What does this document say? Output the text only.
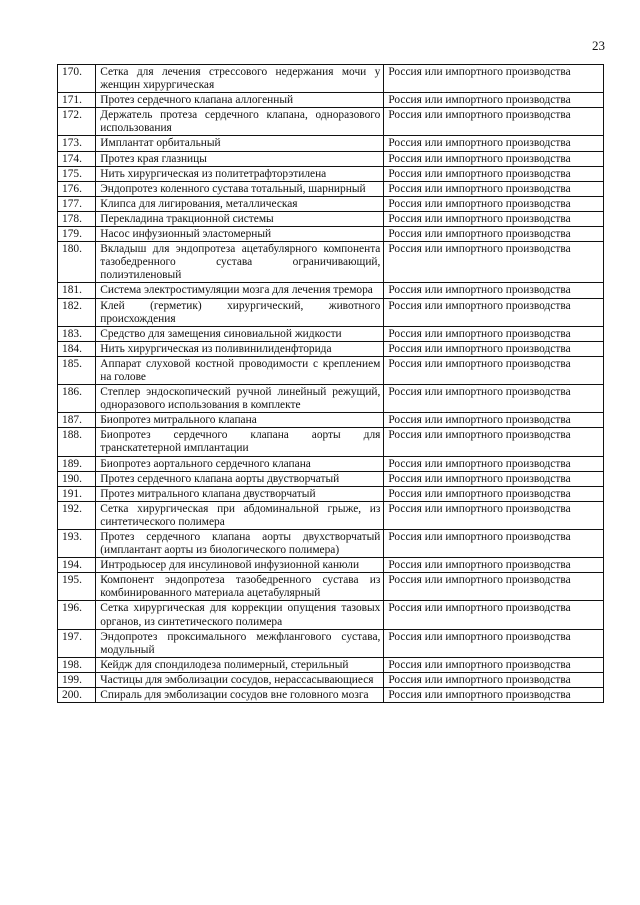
23
170.	Сетка для лечения стрессового недержания мочи у женщин хирургическая	Россия или импортного производства
171.	Протез сердечного клапана аллогенный	Россия или импортного производства
172.	Держатель протеза сердечного клапана, одноразового использования	Россия или импортного производства
173.	Имплантат орбитальный	Россия или импортного производства
174.	Протез края глазницы	Россия или импортного производства
175.	Нить хирургическая из политетрафторэтилена	Россия или импортного производства
176.	Эндопротез коленного сустава тотальный, шарнирный	Россия или импортного производства
177.	Клипса для лигирования, металлическая	Россия или импортного производства
178.	Перекладина тракционной системы	Россия или импортного производства
179.	Насос инфузионный эластомерный	Россия или импортного производства
180.	Вкладыш для эндопротеза ацетабулярного компонента тазобедренного сустава ограничивающий, полиэтиленовый	Россия или импортного производства
181.	Система электростимуляции мозга для лечения тремора	Россия или импортного производства
182.	Клей (герметик) хирургический, животного происхождения	Россия или импортного производства
183.	Средство для замещения синовиальной жидкости	Россия или импортного производства
184.	Нить хирургическая из поливинилиденфторида	Россия или импортного производства
185.	Аппарат слуховой костной проводимости с креплением на голове	Россия или импортного производства
186.	Степлер эндоскопический ручной линейный режущий, одноразового использования в комплекте	Россия или импортного производства
187.	Биопротез митрального клапана	Россия или импортного производства
188.	Биопротез сердечного клапана аорты для транскатетерной имплантации	Россия или импортного производства
189.	Биопротез аортального сердечного клапана	Россия или импортного производства
190.	Протез сердечного клапана аорты двустворчатый	Россия или импортного производства
191.	Протез митрального клапана двустворчатый	Россия или импортного производства
192.	Сетка хирургическая при абдоминальной грыже, из синтетического полимера	Россия или импортного производства
193.	Протез сердечного клапана аорты двухстворчатый (имплантант аорты из биологического полимера)	Россия или импортного производства
194.	Интродьюсер для инсулиновой инфузионной канюли	Россия или импортного производства
195.	Компонент эндопротеза тазобедренного сустава из комбинированного материала ацетабулярный	Россия или импортного производства
196.	Сетка хирургическая для коррекции опущения тазовых органов, из синтетического полимера	Россия или импортного производства
197.	Эндопротез проксимального межфлангового сустава, модульный	Россия или импортного производства
198.	Кейдж для спондилодеза полимерный, стерильный	Россия или импортного производства
199.	Частицы для эмболизации сосудов, нерассасывающиеся	Россия или импортного производства
200.	Спираль для эмболизации сосудов вне головного мозга	Россия или импортного производства
